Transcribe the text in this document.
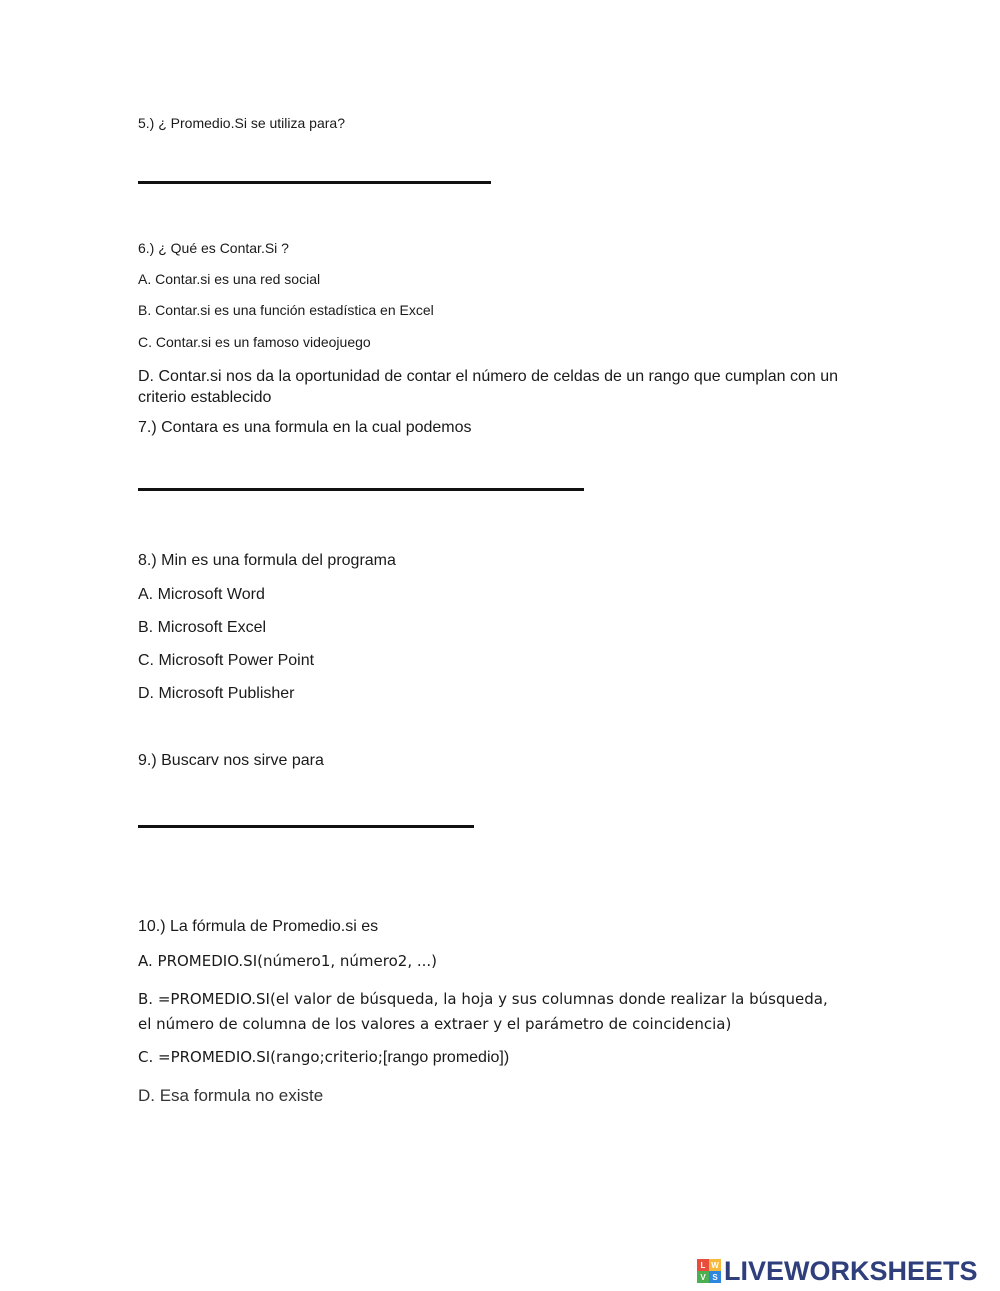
5.) ¿ Promedio.Si se utiliza para?
6.) ¿ Qué es Contar.Si ?
A. Contar.si es una red social
B. Contar.si es una función estadística en Excel
C. Contar.si es un famoso videojuego
D. Contar.si nos da la oportunidad de contar el número de celdas de un rango que cumplan con un criterio establecido
7.) Contara es una formula en la cual podemos
8.) Min es una formula del programa
A. Microsoft Word
B. Microsoft Excel
C. Microsoft Power Point
D. Microsoft Publisher
9.) Buscarv nos sirve para
10.) La fórmula de Promedio.si es
A. PROMEDIO.SI(número1, número2, ...)
B. =PROMEDIO.SI(el valor de búsqueda, la hoja y sus columnas donde realizar la búsqueda, el número de columna de los valores a extraer y el parámetro de coincidencia)
C. =PROMEDIO.SI(rango;criterio;[rango promedio])
D. Esa formula no existe
L W
V S LIVEWORKSHEETS
